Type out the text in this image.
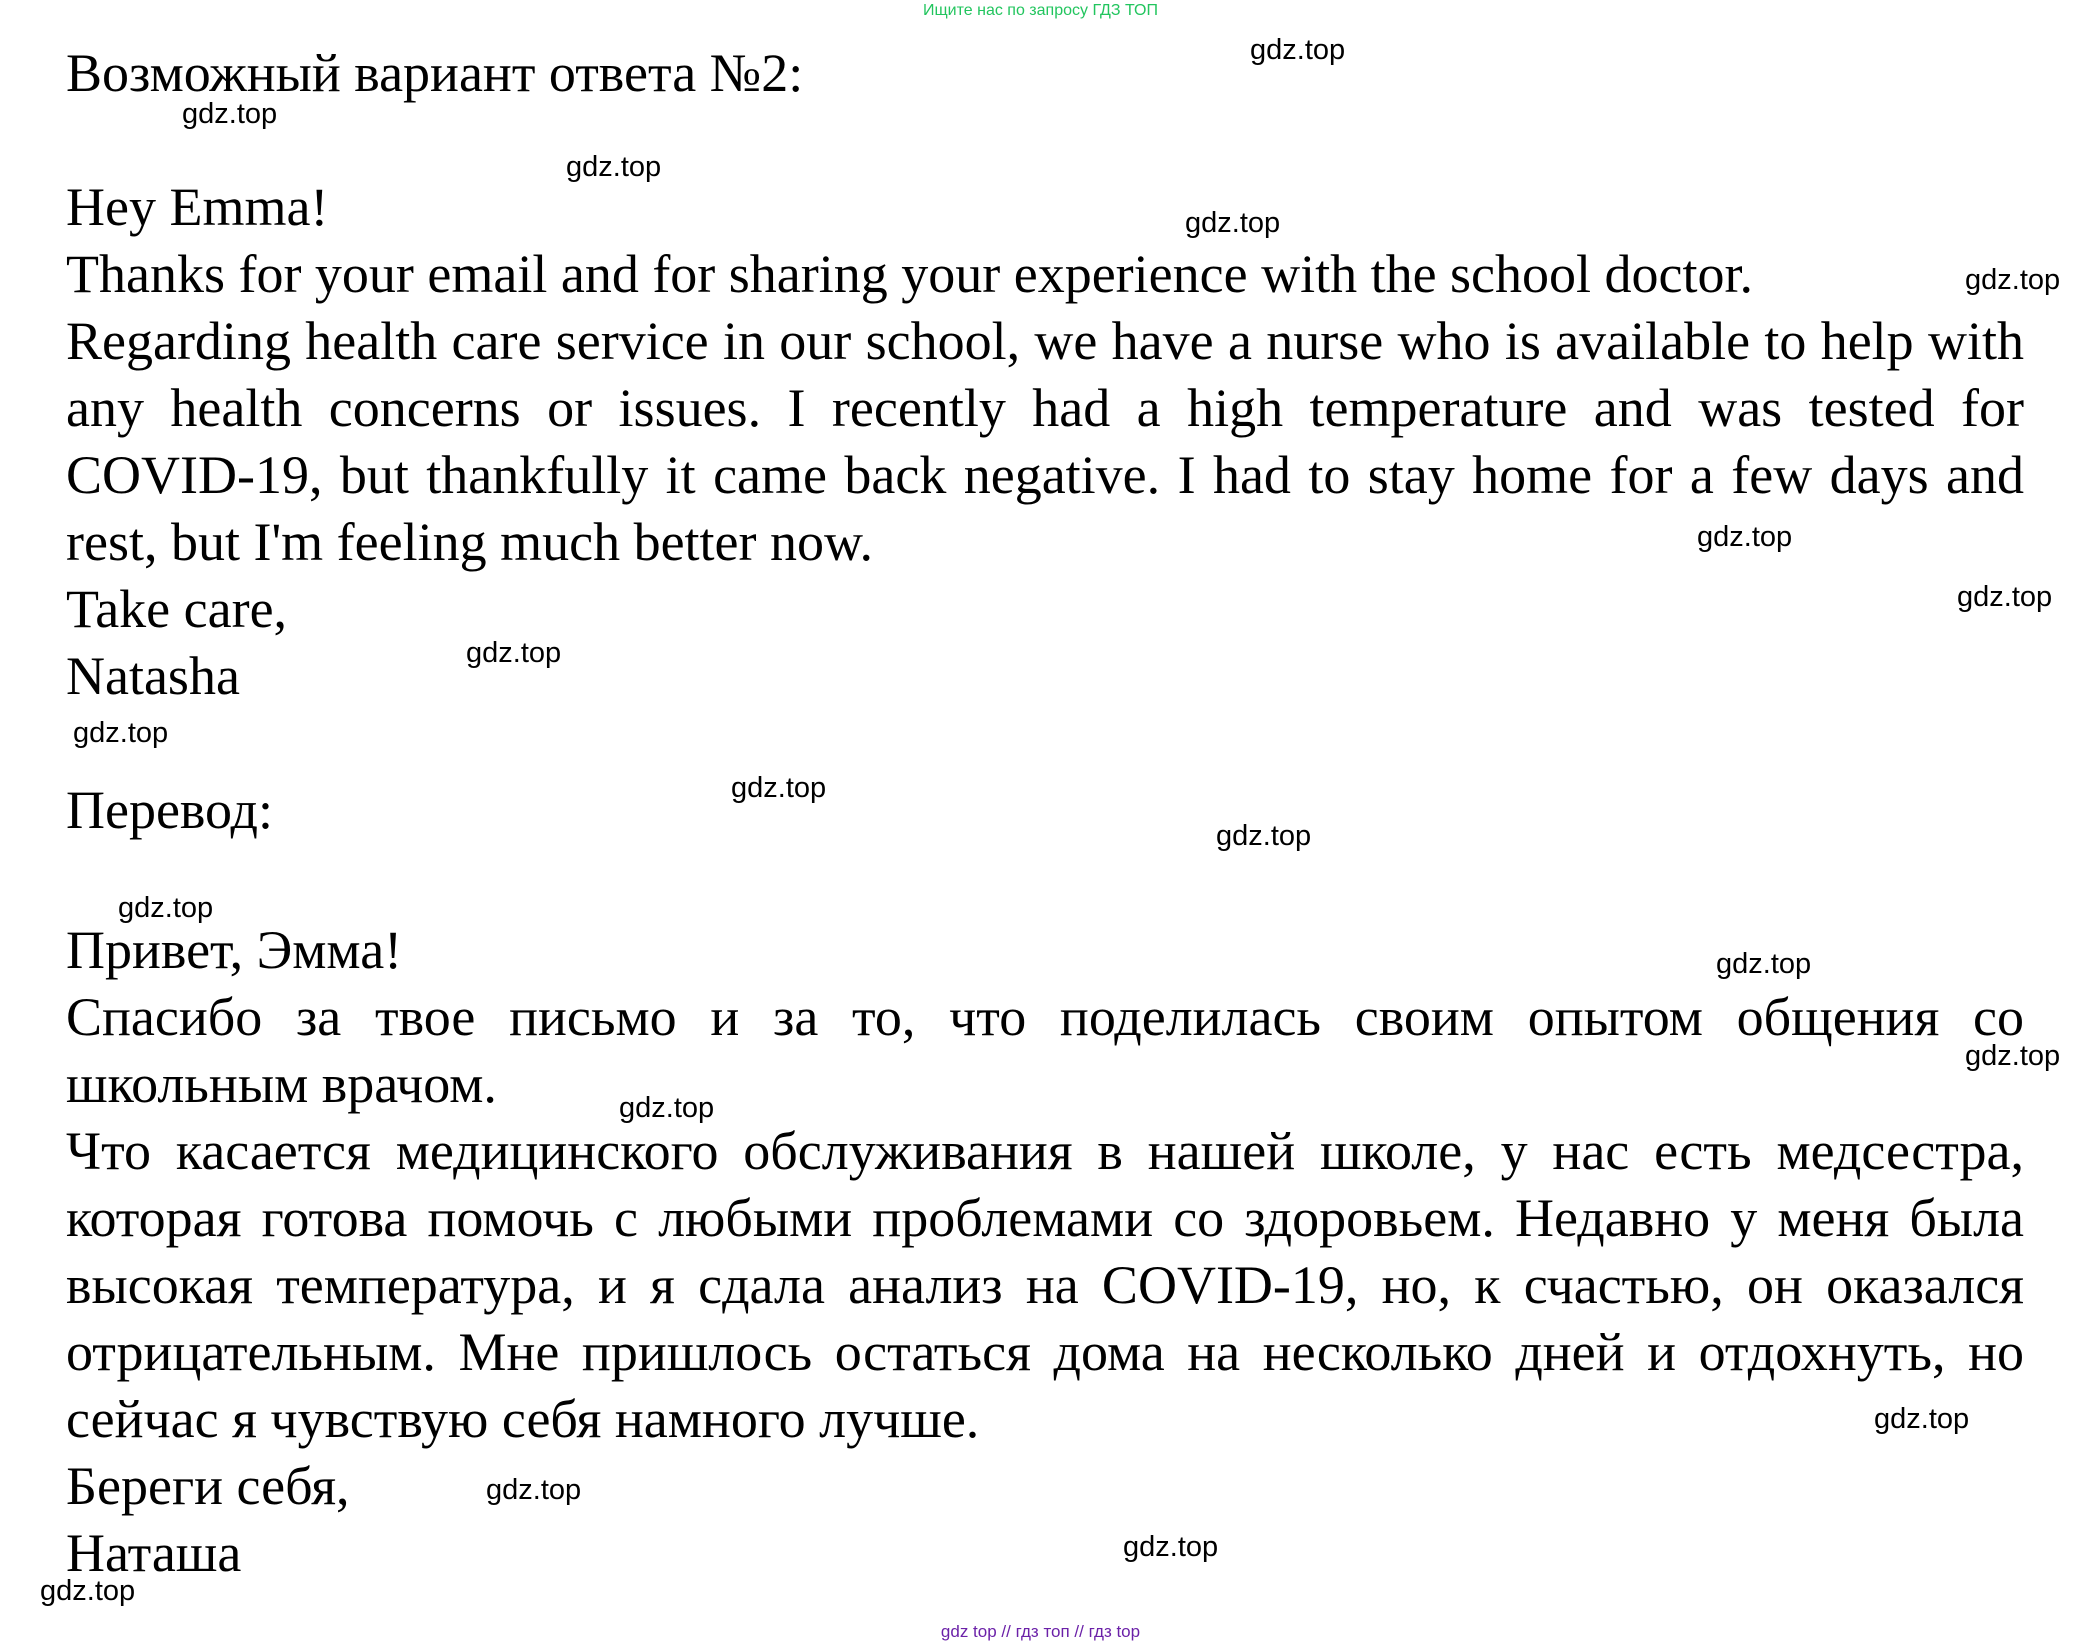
Ищите нас по запросу ГДЗ ТОП
Возможный вариант ответа №2:
Hey Emma!
Thanks for your email and for sharing your experience with the school doctor.
Regarding health care service in our school, we have a nurse who is available to help with any health concerns or issues. I recently had a high temperature and was tested for COVID-19, but thankfully it came back negative. I had to stay home for a few days and rest, but I'm feeling much better now.
Take care,
Natasha
Перевод:
Привет, Эмма!
Спасибо за твое письмо и за то, что поделилась своим опытом общения со школьным врачом.
Что касается медицинского обслуживания в нашей школе, у нас есть медсестра, которая готова помочь с любыми проблемами со здоровьем. Недавно у меня была высокая температура, и я сдала анализ на COVID-19, но, к счастью, он оказался отрицательным. Мне пришлось остаться дома на несколько дней и отдохнуть, но сейчас я чувствую себя намного лучше.
Береги себя,
Наташа
gdz.top
gdz.top
gdz.top
gdz.top
gdz.top
gdz.top
gdz.top
gdz.top
gdz.top
gdz.top
gdz.top
gdz.top
gdz.top
gdz.top
gdz.top
gdz.top
gdz.top
gdz.top
gdz.top
gdz top // гдз топ // гдз top
